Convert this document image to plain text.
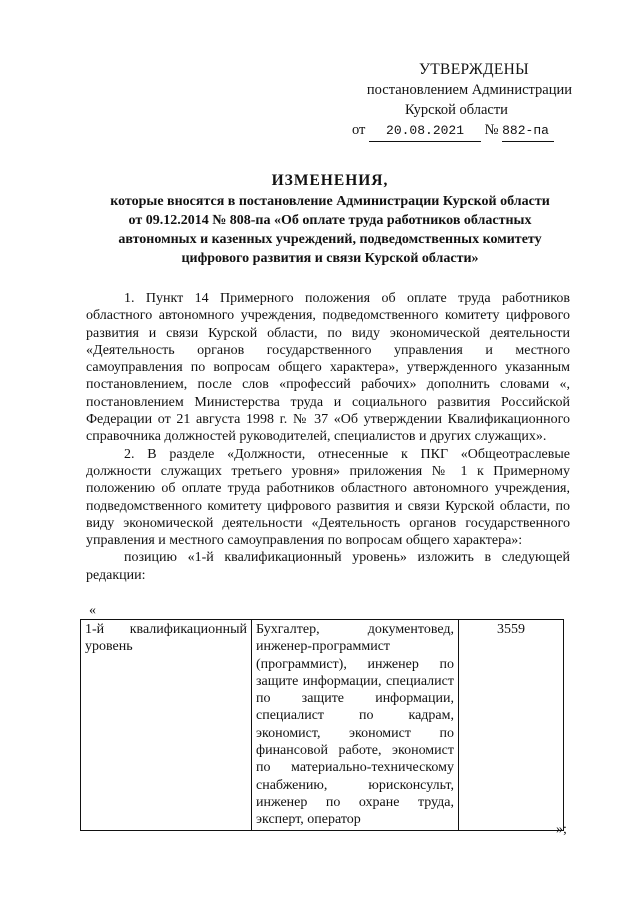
УТВЕРЖДЕНЫ
постановлением Администрации
Курской области
от 20.08.2021 № 882-па
ИЗМЕНЕНИЯ,
которые вносятся в постановление Администрации Курской области
от 09.12.2014 № 808-па «Об оплате труда работников областных
автономных и казенных учреждений, подведомственных комитету
цифрового развития и связи Курской области»

1. Пункт 14 Примерного положения об оплате труда работников областного автономного учреждения, подведомственного комитету цифрового развития и связи Курской области, по виду экономической деятельности «Деятельность органов государственного управления и местного самоуправления по вопросам общего характера», утвержденного указанным постановлением, после слов «профессий рабочих» дополнить словами «, постановлением Министерства труда и социального развития Российской Федерации от 21 августа 1998 г. № 37 «Об утверждении Квалификационного справочника должностей руководителей, специалистов и других служащих».

2. В разделе «Должности, отнесенные к ПКГ «Общеотраслевые должности служащих третьего уровня» приложения № 1 к Примерному положению об оплате труда работников областного автономного учреждения, подведомственного комитету цифрового развития и связи Курской области, по виду экономической деятельности «Деятельность органов государственного управления и местного самоуправления по вопросам общего характера»:

позицию «1-й квалификационный уровень» изложить в следующей редакции:

«
1-й квалификационный уровень	Бухгалтер, документовед, инженер-программист (программист), инженер по защите информации, специалист по защите информации, специалист по кадрам, экономист, экономист по финансовой работе, экономист по материально-техническому снабжению, юрисконсульт, инженер по охране труда, эксперт, оператор	3559
»;
